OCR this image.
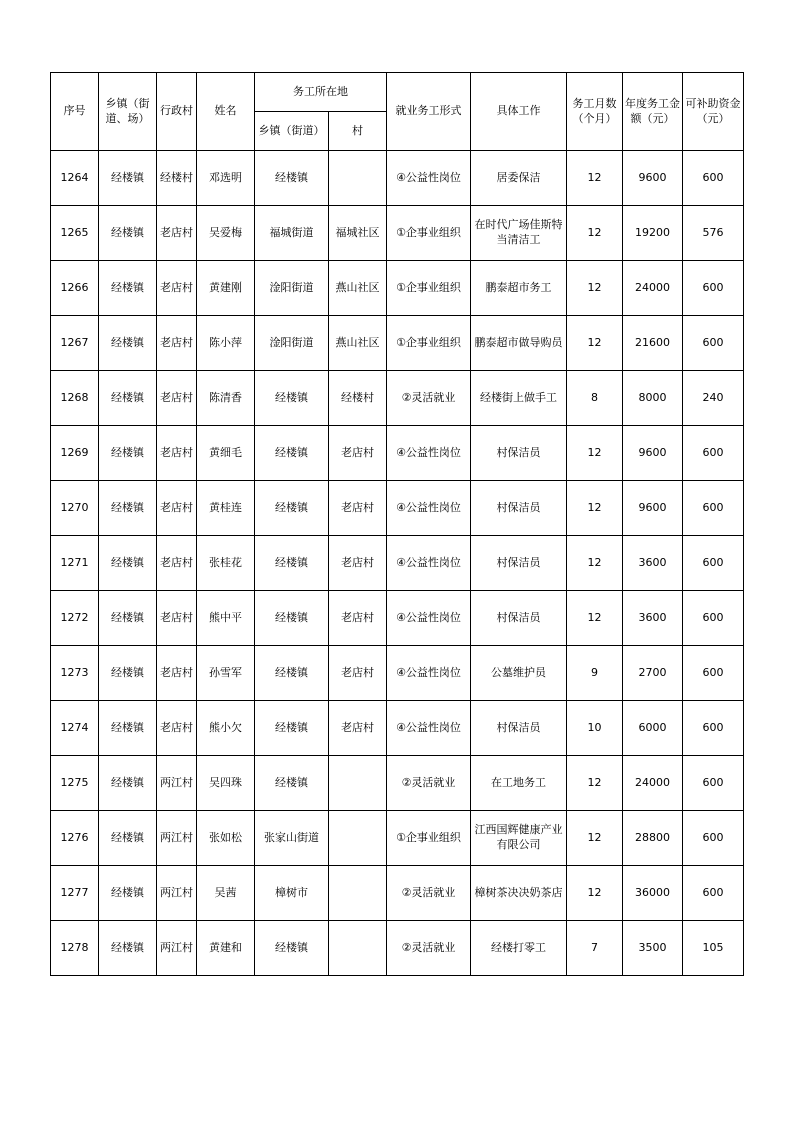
序号	乡镇（街道、场）	行政村	姓名	务工所在地		就业务工形式	具体工作	务工月数（个月）	年度务工金额（元）	可补助资金（元）
				乡镇（街道）	村					
1264	经楼镇	经楼村	邓选明	经楼镇		④公益性岗位	居委保洁	12	9600	600
1265	经楼镇	老店村	吴爱梅	福城街道	福城社区	①企事业组织	在时代广场佳斯特当清洁工	12	19200	576
1266	经楼镇	老店村	黄建刚	淦阳街道	燕山社区	①企事业组织	鹏泰超市务工	12	24000	600
1267	经楼镇	老店村	陈小萍	淦阳街道	燕山社区	①企事业组织	鹏泰超市做导购员	12	21600	600
1268	经楼镇	老店村	陈清香	经楼镇	经楼村	②灵活就业	经楼街上做手工	8	8000	240
1269	经楼镇	老店村	黄细毛	经楼镇	老店村	④公益性岗位	村保洁员	12	9600	600
1270	经楼镇	老店村	黄桂连	经楼镇	老店村	④公益性岗位	村保洁员	12	9600	600
1271	经楼镇	老店村	张桂花	经楼镇	老店村	④公益性岗位	村保洁员	12	3600	600
1272	经楼镇	老店村	熊中平	经楼镇	老店村	④公益性岗位	村保洁员	12	3600	600
1273	经楼镇	老店村	孙雪军	经楼镇	老店村	④公益性岗位	公墓维护员	9	2700	600
1274	经楼镇	老店村	熊小欠	经楼镇	老店村	④公益性岗位	村保洁员	10	6000	600
1275	经楼镇	两江村	吴四珠	经楼镇		②灵活就业	在工地务工	12	24000	600
1276	经楼镇	两江村	张如松	张家山街道		①企事业组织	江西国辉健康产业有限公司	12	28800	600
1277	经楼镇	两江村	吴茜	樟树市		②灵活就业	樟树茶决决奶茶店	12	36000	600
1278	经楼镇	两江村	黄建和	经楼镇		②灵活就业	经楼打零工	7	3500	105
